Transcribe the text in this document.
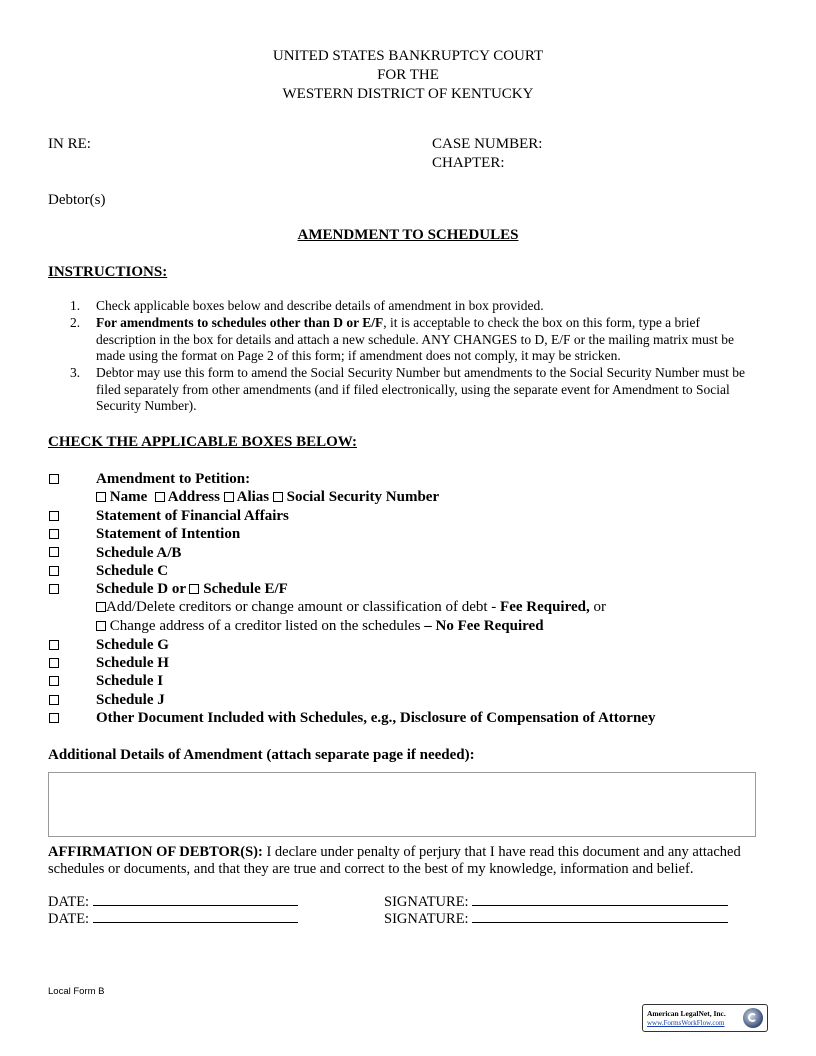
UNITED STATES BANKRUPTCY COURT
FOR THE
WESTERN DISTRICT OF KENTUCKY
IN RE:	CASE NUMBER:
CHAPTER:
Debtor(s)
AMENDMENT TO SCHEDULES
INSTRUCTIONS:
1.	Check applicable boxes below and describe details of amendment in box provided.
2.	For amendments to schedules other than D or E/F, it is acceptable to check the box on this form, type a brief description in the box for details and attach a new schedule. ANY CHANGES to D, E/F or the mailing matrix must be made using the format on Page 2 of this form; if amendment does not comply, it may be stricken.
3.	Debtor may use this form to amend the Social Security Number but amendments to the Social Security Number must be filed separately from other amendments (and if filed electronically, using the separate event for Amendment to Social Security Number).
CHECK THE APPLICABLE BOXES BELOW:
Amendment to Petition:
Name Address Alias Social Security Number
Statement of Financial Affairs
Statement of Intention
Schedule A/B
Schedule C
Schedule D or Schedule E/F
Add/Delete creditors or change amount or classification of debt - Fee Required, or
Change address of a creditor listed on the schedules – No Fee Required
Schedule G
Schedule H
Schedule I
Schedule J
Other Document Included with Schedules, e.g., Disclosure of Compensation of Attorney
Additional Details of Amendment (attach separate page if needed):
AFFIRMATION OF DEBTOR(S): I declare under penalty of perjury that I have read this document and any attached schedules or documents, and that they are true and correct to the best of my knowledge, information and belief.
DATE:
DATE:
SIGNATURE:
SIGNATURE:
Local Form B
American LegalNet, Inc.
www.FormsWorkFlow.com
